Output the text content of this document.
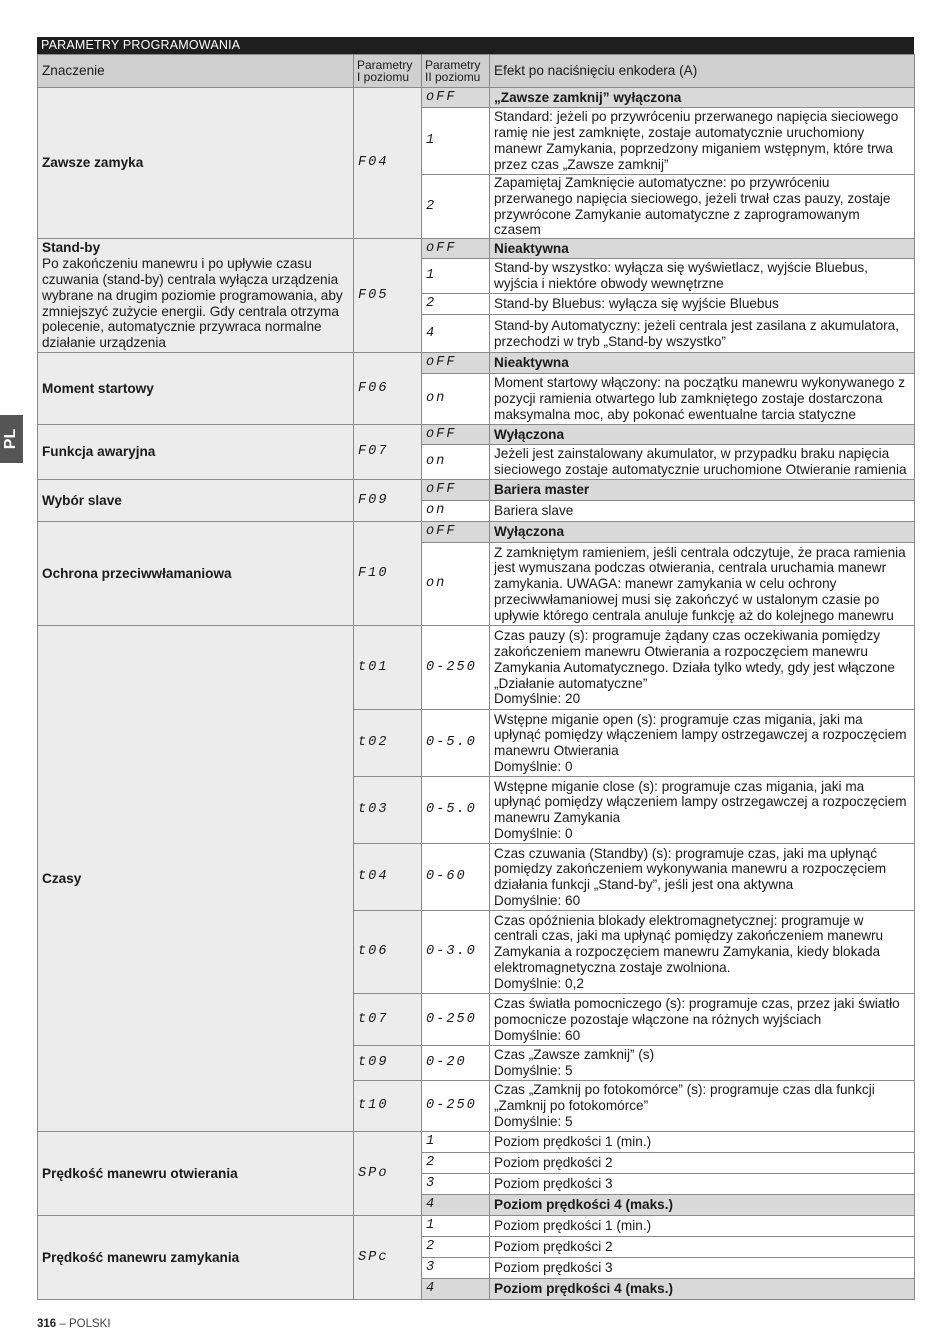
PL
PARAMETRY PROGRAMOWANIA
Znaczenie	Parametry I poziomu	Parametry II poziomu	Efekt po naciśnięciu enkodera (A)
Zawsze zamyka	F04	oFF	„Zawsze zamknij” wyłączona
		1	Standard: jeżeli po przywróceniu przerwanego napięcia sieciowego ramię nie jest zamknięte, zostaje automatycznie uruchomiony manewr Zamykania, poprzedzony miganiem wstępnym, które trwa przez czas „Zawsze zamknij”
		2	Zapamiętaj Zamknięcie automatyczne: po przywróceniu przerwanego napięcia sieciowego, jeżeli trwał czas pauzy, zostaje przywrócone Zamykanie automatyczne z zaprogramowanym czasem
Stand-by
Po zakończeniu manewru i po upływie czasu czuwania (stand-by) centrala wyłącza urządzenia wybrane na drugim poziomie programowania, aby zmniejszyć zużycie energii. Gdy centrala otrzyma polecenie, automatycznie przywraca normalne działanie urządzenia	F05	oFF	Nieaktywna
		1	Stand-by wszystko: wyłącza się wyświetlacz, wyjście Bluebus, wyjścia i niektóre obwody wewnętrzne
		2	Stand-by Bluebus: wyłącza się wyjście Bluebus
		4	Stand-by Automatyczny: jeżeli centrala jest zasilana z akumulatora, przechodzi w tryb „Stand-by wszystko”
Moment startowy	F06	oFF	Nieaktywna
		on	Moment startowy włączony: na początku manewru wykonywanego z pozycji ramienia otwartego lub zamkniętego zostaje dostarczona maksymalna moc, aby pokonać ewentualne tarcia statyczne
Funkcja awaryjna	F07	oFF	Wyłączona
		on	Jeżeli jest zainstalowany akumulator, w przypadku braku napięcia sieciowego zostaje automatycznie uruchomione Otwieranie ramienia
Wybór slave	F09	oFF	Bariera master
		on	Bariera slave
Ochrona przeciwwłamaniowa	F10	oFF	Wyłączona
		on	Z zamkniętym ramieniem, jeśli centrala odczytuje, że praca ramienia jest wymuszana podczas otwierania, centrala uruchamia manewr zamykania. UWAGA: manewr zamykania w celu ochrony przeciwwłamaniowej musi się zakończyć w ustalonym czasie po upływie którego centrala anuluje funkcję aż do kolejnego manewru
Czasy	t01	0-250	Czas pauzy (s): programuje żądany czas oczekiwania pomiędzy zakończeniem manewru Otwierania a rozpoczęciem manewru Zamykania Automatycznego. Działa tylko wtedy, gdy jest włączone „Działanie automatyczne”
Domyślnie: 20
	t02	0-5.0	Wstępne miganie open (s): programuje czas migania, jaki ma upłynąć pomiędzy włączeniem lampy ostrzegawczej a rozpoczęciem manewru Otwierania
Domyślnie: 0
	t03	0-5.0	Wstępne miganie close (s): programuje czas migania, jaki ma upłynąć pomiędzy włączeniem lampy ostrzegawczej a rozpoczęciem manewru Zamykania
Domyślnie: 0
	t04	0-60	Czas czuwania (Standby) (s): programuje czas, jaki ma upłynąć pomiędzy zakończeniem wykonywania manewru a rozpoczęciem działania funkcji „Stand-by”, jeśli jest ona aktywna
Domyślnie: 60
	t06	0-3.0	Czas opóźnienia blokady elektromagnetycznej: programuje w centrali czas, jaki ma upłynąć pomiędzy zakończeniem manewru Zamykania a rozpoczęciem manewru Zamykania, kiedy blokada elektromagnetyczna zostaje zwolniona.
Domyślnie: 0,2
	t07	0-250	Czas światła pomocniczego (s): programuje czas, przez jaki światło pomocnicze pozostaje włączone na różnych wyjściach
Domyślnie: 60
	t09	0-20	Czas „Zawsze zamknij” (s)
Domyślnie: 5
	t10	0-250	Czas „Zamknij po fotokomórce” (s): programuje czas dla funkcji „Zamknij po fotokomórce”
Domyślnie: 5
Prędkość manewru otwierania	SPo	1	Poziom prędkości 1 (min.)
		2	Poziom prędkości 2
		3	Poziom prędkości 3
		4	Poziom prędkości 4 (maks.)
Prędkość manewru zamykania	SPc	1	Poziom prędkości 1 (min.)
		2	Poziom prędkości 2
		3	Poziom prędkości 3
		4	Poziom prędkości 4 (maks.)
316 – POLSKI
